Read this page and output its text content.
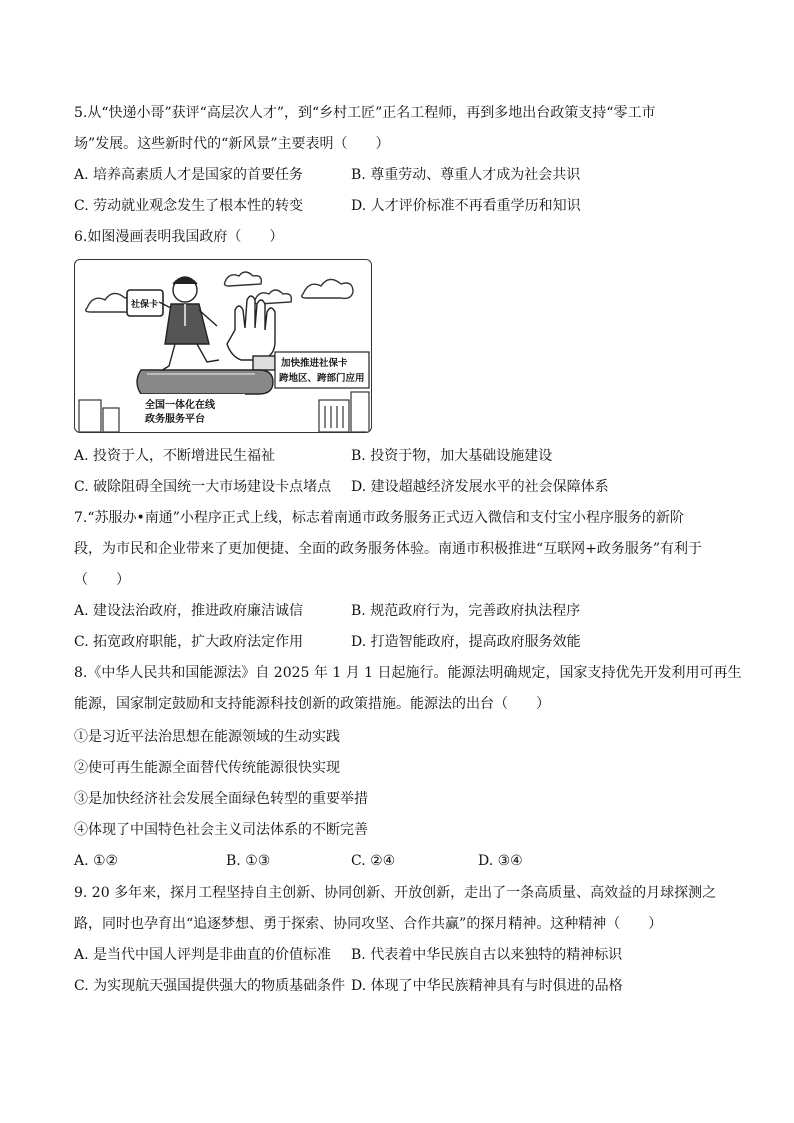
5.从“快递小哥”获评“高层次人才”，到“乡村工匠”正名工程师，再到多地出台政策支持“零工市
场”发展。这些新时代的“新风景”主要表明（　　）
A. 培养高素质人才是国家的首要任务	B. 尊重劳动、尊重人才成为社会共识
C. 劳动就业观念发生了根本性的转变	D. 人才评价标准不再看重学历和知识
6.如图漫画表明我国政府（　　）
社保卡
加快推进社保卡
跨地区、跨部门应用
全国一体化在线
政务服务平台
A. 投资于人，不断增进民生福祉	B. 投资于物，加大基础设施建设
C. 破除阻碍全国统一大市场建设卡点堵点 D. 建设超越经济发展水平的社会保障体系
7.“苏服办•南通”小程序正式上线，标志着南通市政务服务正式迈入微信和支付宝小程序服务的新阶
段，为市民和企业带来了更加便捷、全面的政务服务体验。南通市积极推进“互联网+政务服务”有利于
（　　）
A. 建设法治政府，推进政府廉洁诚信	B. 规范政府行为，完善政府执法程序
C. 拓宽政府职能，扩大政府法定作用	D. 打造智能政府，提高政府服务效能
8.《中华人民共和国能源法》自 2025 年 1 月 1 日起施行。能源法明确规定，国家支持优先开发利用可再生
能源，国家制定鼓励和支持能源科技创新的政策措施。能源法的出台（　　）
①是习近平法治思想在能源领域的生动实践
②使可再生能源全面替代传统能源很快实现
③是加快经济社会发展全面绿色转型的重要举措
④体现了中国特色社会主义司法体系的不断完善
A. ①②	B. ①③	C. ②④	D. ③④
9. 20 多年来，探月工程坚持自主创新、协同创新、开放创新，走出了一条高质量、高效益的月球探测之
路，同时也孕育出“追逐梦想、勇于探索、协同攻坚、合作共赢”的探月精神。这种精神（　　）
A. 是当代中国人评判是非曲直的价值标准 B. 代表着中华民族自古以来独特的精神标识
C. 为实现航天强国提供强大的物质基础条件 D. 体现了中华民族精神具有与时俱进的品格
